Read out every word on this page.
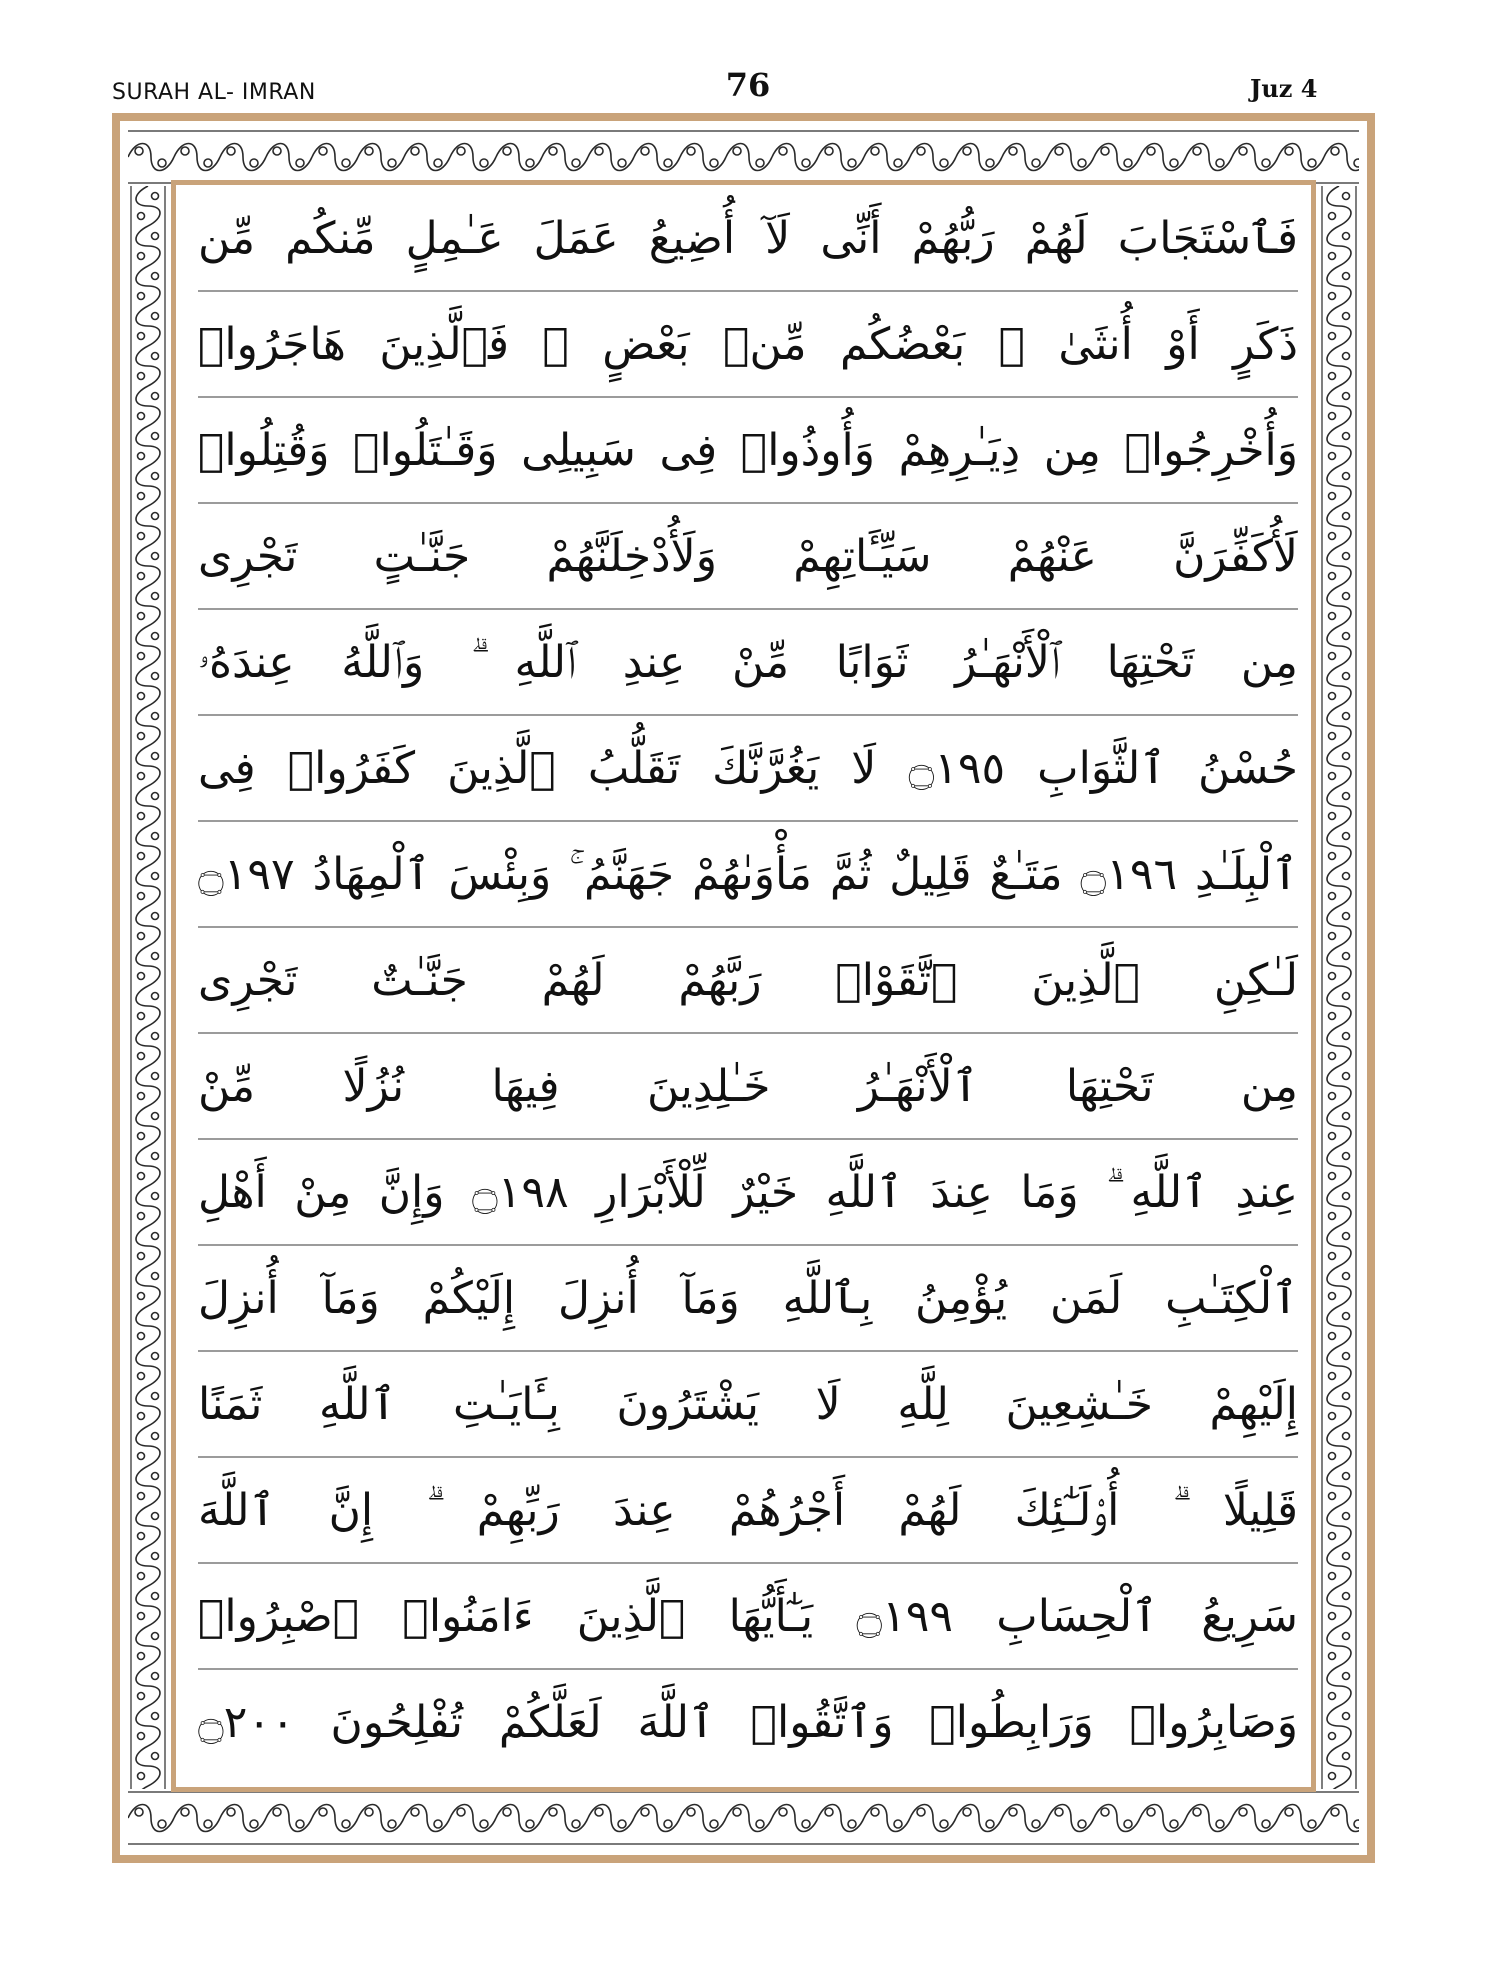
SURAH AL- IMRAN	76	Juz 4
فَٱسْتَجَابَ لَهُمْ رَبُّهُمْ أَنِّى لَآ أُضِيعُ عَمَلَ عَـٰمِلٍ مِّنكُم مِّن
ذَكَرٍ أَوْ أُنثَىٰ ۖ بَعْضُكُم مِّنۢ بَعْضٍ ۖ فَٱلَّذِينَ هَاجَرُوا۟
وَأُخْرِجُوا۟ مِن دِيَـٰرِهِمْ وَأُوذُوا۟ فِى سَبِيلِى وَقَـٰتَلُوا۟ وَقُتِلُوا۟
لَأُكَفِّرَنَّ عَنْهُمْ سَيِّـَٔاتِهِمْ وَلَأُدْخِلَنَّهُمْ جَنَّـٰتٍ تَجْرِى
مِن تَحْتِهَا ٱلْأَنْهَـٰرُ ثَوَابًا مِّنْ عِندِ ٱللَّهِ ۗ وَٱللَّهُ عِندَهُۥ
حُسْنُ ٱلثَّوَابِ ۝١٩٥ لَا يَغُرَّنَّكَ تَقَلُّبُ ٱلَّذِينَ كَفَرُوا۟ فِى
ٱلْبِلَـٰدِ ۝١٩٦ مَتَـٰعٌ قَلِيلٌ ثُمَّ مَأْوَىٰهُمْ جَهَنَّمُ ۚ وَبِئْسَ ٱلْمِهَادُ ۝١٩٧
لَـٰكِنِ ٱلَّذِينَ ٱتَّقَوْا۟ رَبَّهُمْ لَهُمْ جَنَّـٰتٌ تَجْرِى
مِن تَحْتِهَا ٱلْأَنْهَـٰرُ خَـٰلِدِينَ فِيهَا نُزُلًا مِّنْ
عِندِ ٱللَّهِ ۗ وَمَا عِندَ ٱللَّهِ خَيْرٌ لِّلْأَبْرَارِ ۝١٩٨ وَإِنَّ مِنْ أَهْلِ
ٱلْكِتَـٰبِ لَمَن يُؤْمِنُ بِٱللَّهِ وَمَآ أُنزِلَ إِلَيْكُمْ وَمَآ أُنزِلَ
إِلَيْهِمْ خَـٰشِعِينَ لِلَّهِ لَا يَشْتَرُونَ بِـَٔايَـٰتِ ٱللَّهِ ثَمَنًا
قَلِيلًا ۗ أُو۟لَـٰٓئِكَ لَهُمْ أَجْرُهُمْ عِندَ رَبِّهِمْ ۗ إِنَّ ٱللَّهَ
سَرِيعُ ٱلْحِسَابِ ۝١٩٩ يَـٰٓأَيُّهَا ٱلَّذِينَ ءَامَنُوا۟ ٱصْبِرُوا۟
وَصَابِرُوا۟ وَرَابِطُوا۟ وَٱتَّقُوا۟ ٱللَّهَ لَعَلَّكُمْ تُفْلِحُونَ ۝٢٠٠
